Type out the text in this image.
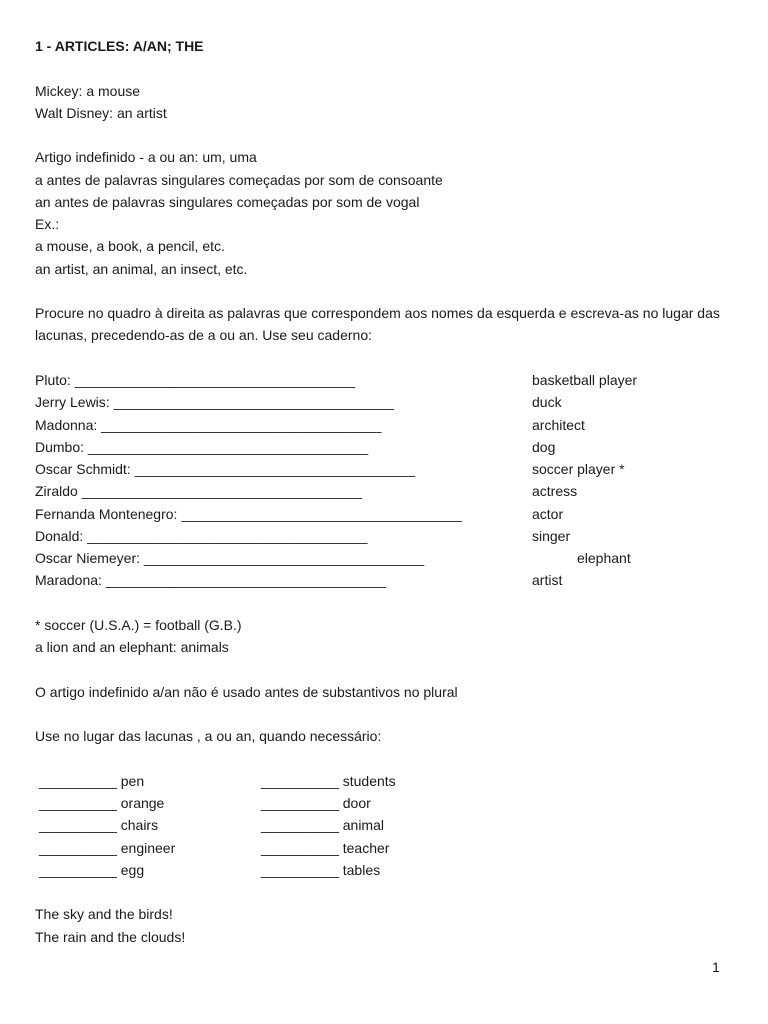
1 - ARTICLES: A/AN; THE
Mickey: a mouse
Walt Disney: an artist
Artigo indefinido - a ou an: um, uma
a antes de palavras singulares começadas por som de consoante
an antes de palavras singulares começadas por som de vogal
Ex.:
a mouse, a book, a pencil, etc.
an artist, an animal, an insect, etc.
Procure no quadro à direita as palavras que correspondem aos nomes da esquerda e escreva-as no lugar das lacunas, precedendo-as de a ou an. Use seu caderno:
Pluto: ____________________________________
Jerry Lewis: ____________________________________
Madonna: ____________________________________
Dumbo: ____________________________________
Oscar Schmidt: ____________________________________
Ziraldo ____________________________________
Fernanda Montenegro: ____________________________________
Donald: ____________________________________
Oscar Niemeyer: ____________________________________
Maradona: ____________________________________
basketball player
duck
architect
dog
soccer player *
actress
actor
singer
elephant
artist
* soccer (U.S.A.) = football (G.B.)
a lion and an elephant: animals
O artigo indefinido a/an não é usado antes de substantivos no plural
Use no lugar das lacunas , a ou an, quando necessário:
__________ pen
__________ orange
__________ chairs
__________ engineer
__________ egg
__________ students
__________ door
__________ animal
__________ teacher
__________ tables
The sky and the birds!
The rain and the clouds!
1
